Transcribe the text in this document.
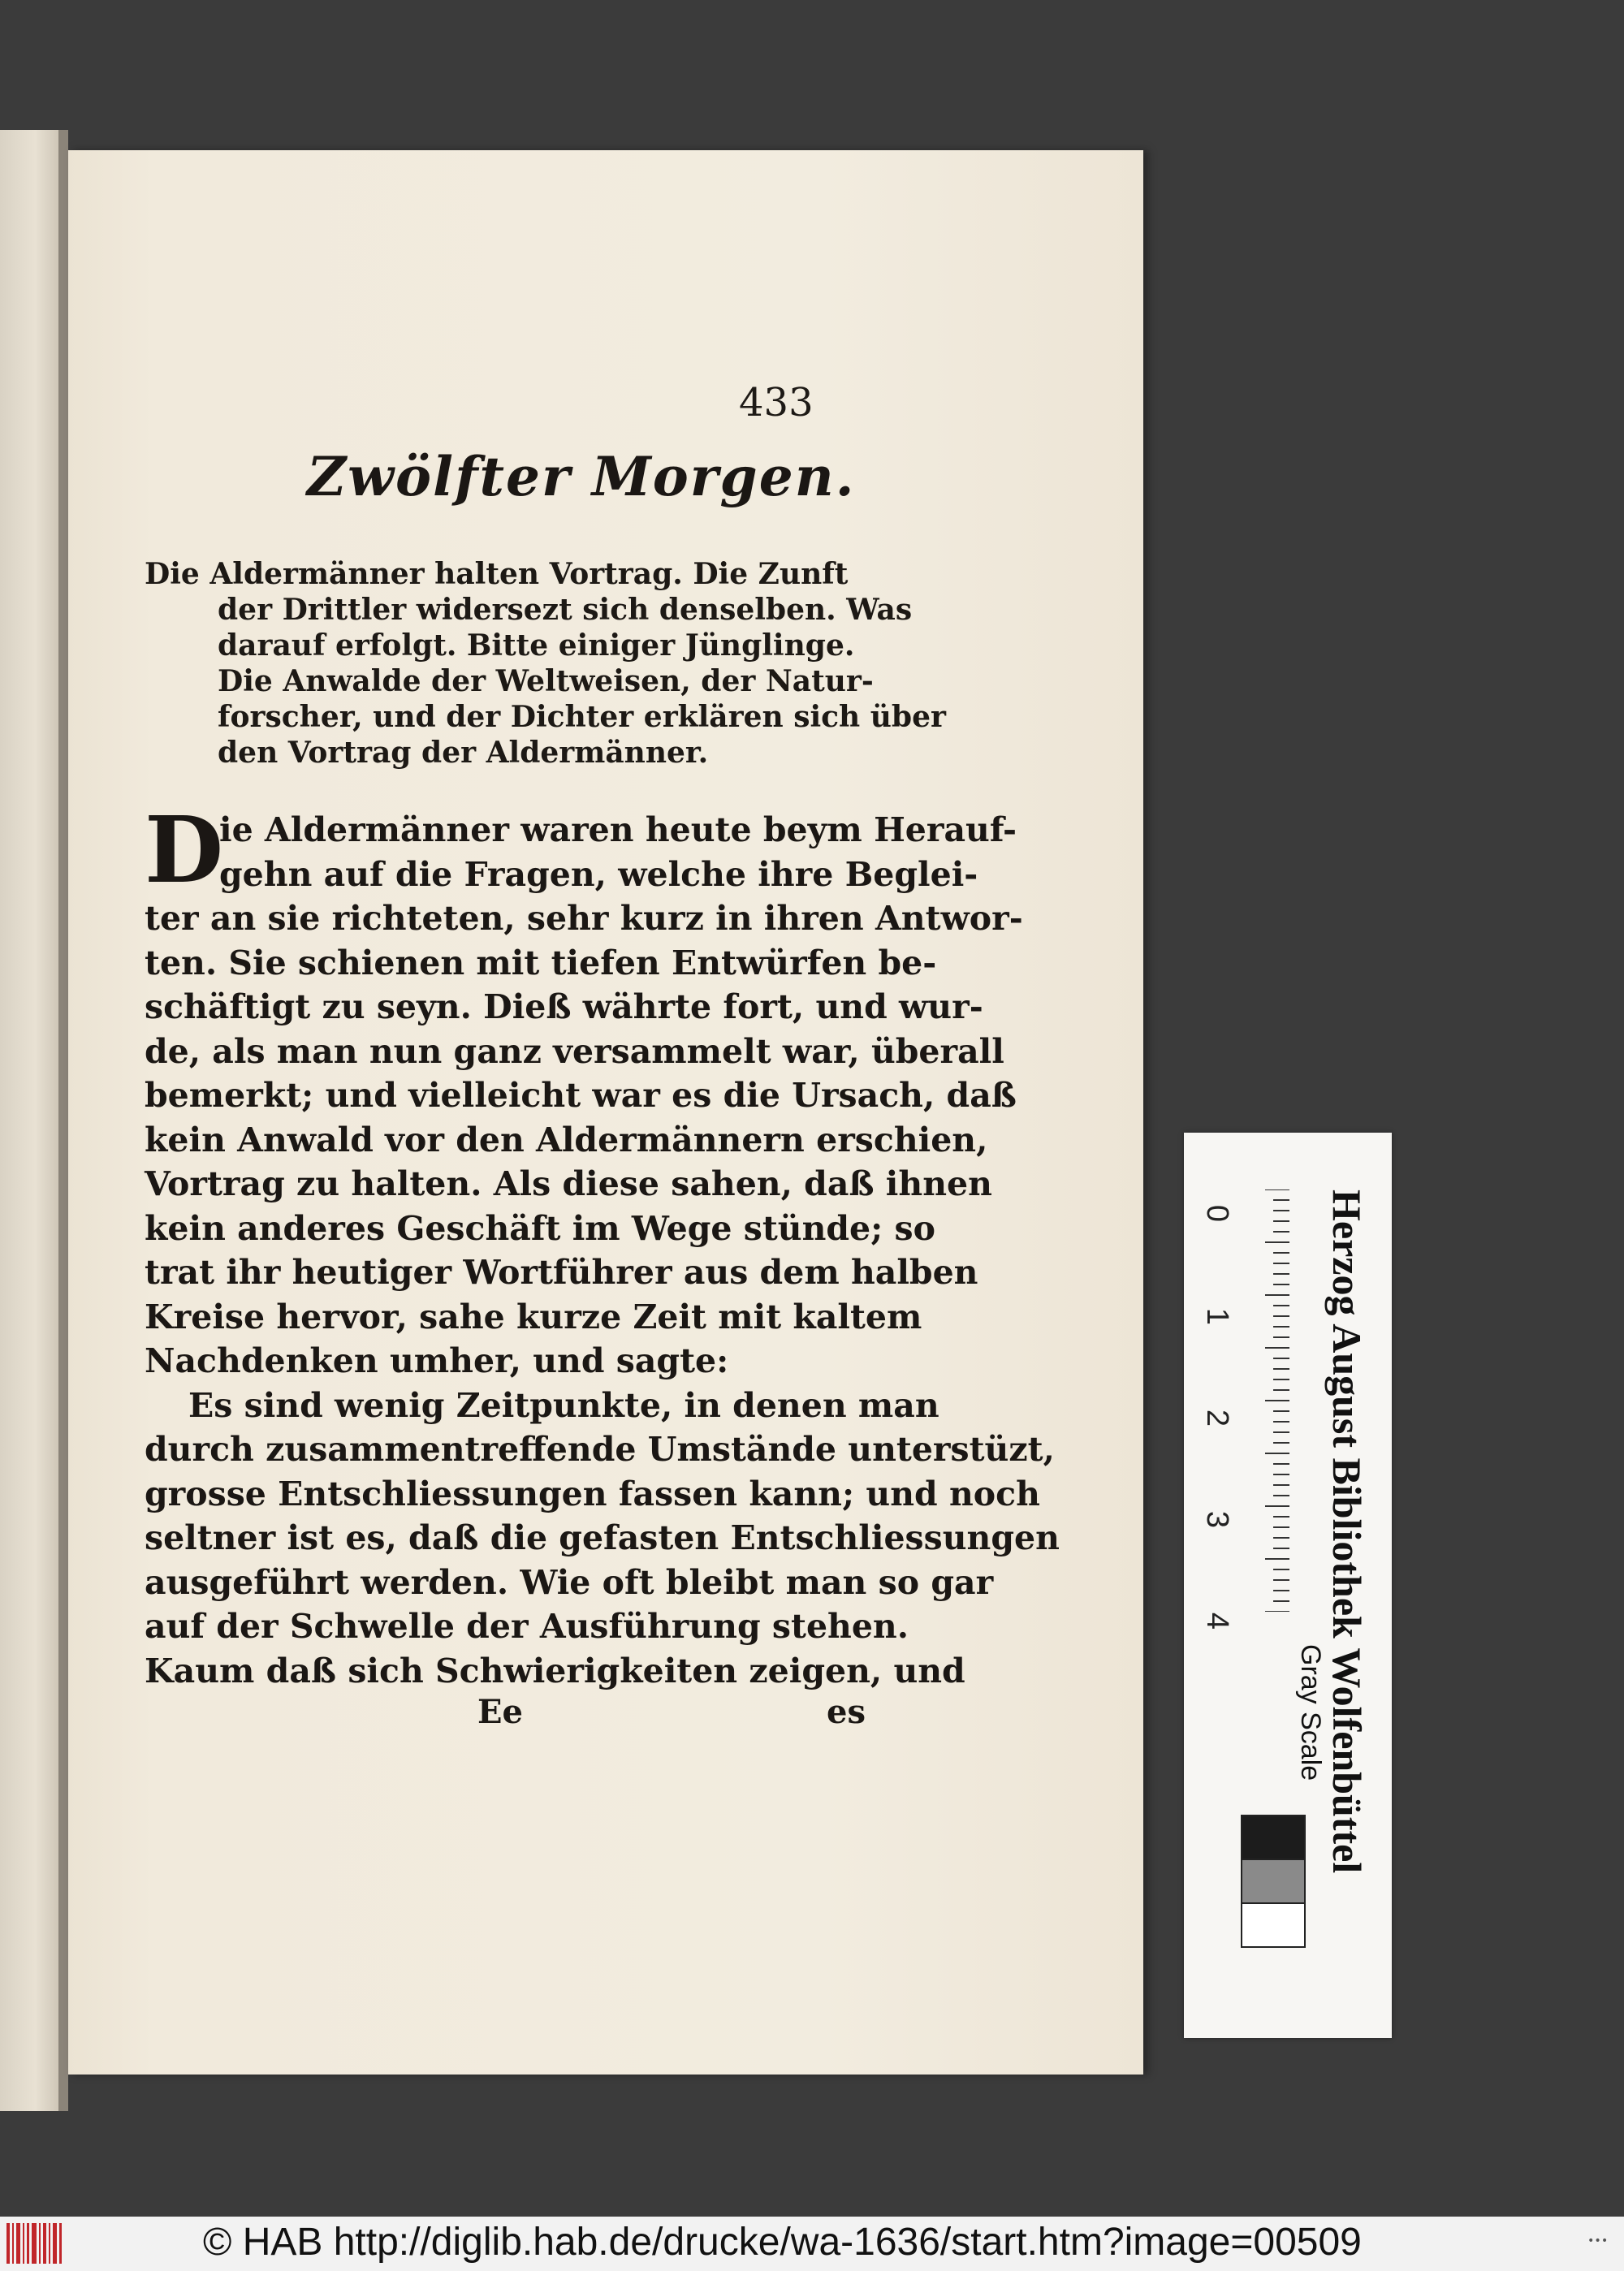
433
Zwölfter Morgen.
Die Aldermänner halten Vortrag. Die Zunft
der Drittler widersezt sich denselben. Was
darauf erfolgt. Bitte einiger Jünglinge.
Die Anwalde der Weltweisen, der Natur-
forscher, und der Dichter erklären sich über
den Vortrag der Aldermänner.
D
ie Aldermänner waren heute beym Herauf-
gehn auf die Fragen, welche ihre Beglei-
ter an sie richteten, sehr kurz in ihren Antwor-
ten. Sie schienen mit tiefen Entwürfen be-
schäftigt zu seyn. Dieß währte fort, und wur-
de, als man nun ganz versammelt war, überall
bemerkt; und vielleicht war es die Ursach, daß
kein Anwald vor den Aldermännern erschien,
Vortrag zu halten. Als diese sahen, daß ihnen
kein anderes Geschäft im Wege stünde; so
trat ihr heutiger Wortführer aus dem halben
Kreise hervor, sahe kurze Zeit mit kaltem
Nachdenken umher, und sagte:
Es sind wenig Zeitpunkte, in denen man
durch zusammentreffende Umstände unterstüzt,
grosse Entschliessungen fassen kann; und noch
seltner ist es, daß die gefasten Entschliessungen
ausgeführt werden. Wie oft bleibt man so gar
auf der Schwelle der Ausführung stehen.
Kaum daß sich Schwierigkeiten zeigen, und
Ee	es
0
1
2
3
4 Herzog August Bibliothek Wolfenbüttel
Gray Scale
© HAB http://diglib.hab.de/drucke/wa-1636/start.htm?image=00509	•••
